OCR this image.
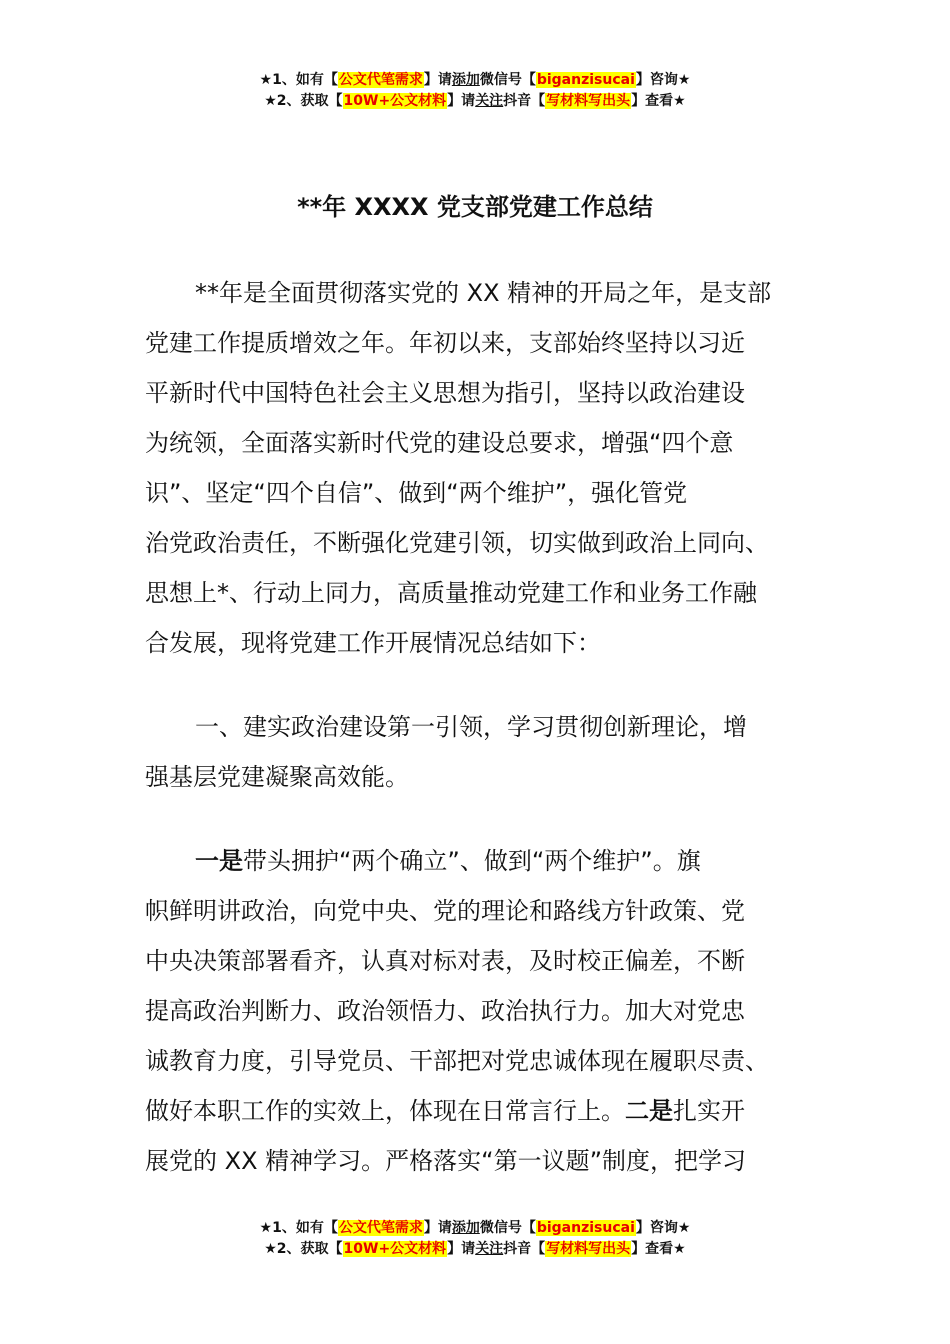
★1、如有【公文代笔需求】请添加微信号【biganzisucai】咨询★
★2、获取【10W+公文材料】请关注抖音【写材料写出头】查看★
**年 XXXX 党支部党建工作总结
**年是全面贯彻落实党的 XX 精神的开局之年，是支部
党建工作提质增效之年。年初以来，支部始终坚持以习近
平新时代中国特色社会主义思想为指引，坚持以政治建设
为统领，全面落实新时代党的建设总要求，增强“四个意
识”、坚定“四个自信”、做到“两个维护”，强化管党
治党政治责任，不断强化党建引领，切实做到政治上同向、
思想上*、行动上同力，高质量推动党建工作和业务工作融
合发展，现将党建工作开展情况总结如下：
一、建实政治建设第一引领，学习贯彻创新理论，增
强基层党建凝聚高效能。
一是带头拥护“两个确立”、做到“两个维护”。旗
帜鲜明讲政治，向党中央、党的理论和路线方针政策、党
中央决策部署看齐，认真对标对表，及时校正偏差，不断
提高政治判断力、政治领悟力、政治执行力。加大对党忠
诚教育力度，引导党员、干部把对党忠诚体现在履职尽责、
做好本职工作的实效上，体现在日常言行上。二是扎实开
展党的 XX 精神学习。严格落实“第一议题”制度，把学习
★1、如有【公文代笔需求】请添加微信号【biganzisucai】咨询★
★2、获取【10W+公文材料】请关注抖音【写材料写出头】查看★
